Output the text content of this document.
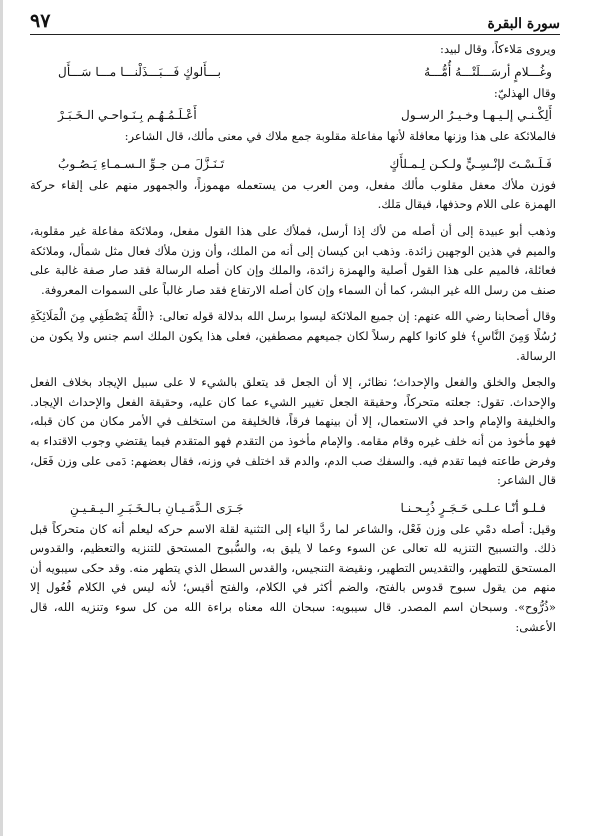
سورة البقرة
٩٧

ويروى مَلاءكاً، وقال لبيد:

وغُـــلامٍ أرسَـــلَتْـــهُ أُمُّـــهُ
بـــأَلوكٍ فَـــبَـــذَلْنـــا مـــا سَـــأَل

وقال الهذليّ:

أَلِكْـنـي إلـيـهـا وخـيـرُ الرسـول
أَعْـلَـمُـهُـم بِـنَـواحـي الـخَـبَـرْ

فالملائكة على هذا وزنها معافلة لأنها مفاعلة مقلوبة جمع ملاك في معنى مألك، قال الشاعر:

فَـلَـسْـتَ لإنْـسِـيٍّ ولـكـن لِـمـلأَكٍ
تَـنَـزَّلَ مـن جـوِّ الـسـمـاءِ يَـصُـوبُ

فوزن ملأك معفل مقلوب مألك مفعل، ومن العرب من يستعمله مهموزاً، والجمهور منهم على إلقاء حركة الهمزة على اللام وحذفها، فيقال مَلك.

وذهب أبو عبيدة إلى أن أصله من لأك إذا أرسل، فملأك على هذا القول مفعل، وملائكة مفاعلة غير مقلوبة، والميم في هذين الوجهين زائدة. وذهب ابن كيسان إلى أنه من الملك، وأن وزن ملأك فعال مثل شمأل، وملائكة فعائلة، فالميم على هذا القول أصلية والهمزة زائدة، والملك وإن كان أصله الرسالة فقد صار صفة غالبة على صنف من رسل الله غير البشر، كما أن السماء وإن كان أصله الارتفاع فقد صار غالباً على السموات المعروفة.

وقال أصحابنا رضي الله عنهم: إن جميع الملائكة ليسوا برسل الله بدلالة قوله تعالى: ﴿اللَّهُ يَصْطَفِي مِنَ الْمَلَائِكَةِ رُسُلًا وَمِنَ النَّاسِ﴾ فلو كانوا كلهم رسلاً لكان جميعهم مصطفين، فعلى هذا يكون الملك اسم جنس ولا يكون من الرسالة.

والجعل والخلق والفعل والإحداث؛ نظائر، إلا أن الجعل قد يتعلق بالشيء لا على سبيل الإيجاد بخلاف الفعل والإحداث. تقول: جعلته متحركاً، وحقيقة الجعل تغيير الشيء عما كان عليه، وحقيقة الفعل والإحداث الإيجاد. والخليفة والإمام واحد في الاستعمال، إلا أن بينهما فرقاً، فالخليفة من استخلف في الأمر مكان من كان قبله، فهو مأخوذ من أنه خلف غيره وقام مقامه. والإمام مأخوذ من التقدم فهو المتقدم فيما يقتضي وجوب الاقتداء به وفرض طاعته فيما تقدم فيه. والسفك صب الدم، والدم قد اختلف في وزنه، فقال بعضهم: دَمى على وزن فَعَل، قال الشاعر:

فـلـو أنّـا عـلـى حَـجَـرٍ ذُبِـحـنـا
جَـرَى الـدَّمَـيـانِ بـالـخَـبَـرِ الـيـقـيـنِ

وقيل: أصله دمْي على وزن فَعْل، والشاعر لما ردَّ الياء إلى التثنية لقلة الاسم حركه ليعلم أنه كان متحركاً قبل ذلك. والتسبيح التنزيه لله تعالى عن السوء وعما لا يليق به، والسُّبوح المستحق للتنزيه والتعظيم، والقدوس المستحق للتطهير، والتقديس التطهير، ونقيضة التنجيس، والقدس السطل الذي يتطهر منه. وقد حكى سيبويه أن منهم من يقول سبوح قدوس بالفتح، والضم أكثر في الكلام، والفتح أقيس؛ لأنه ليس في الكلام فُعُول إلا «ذُرُّوح». وسبحان اسم المصدر. قال سيبويه: سبحان الله معناه براءة الله من كل سوء وتنزيه الله، قال الأعشى:
